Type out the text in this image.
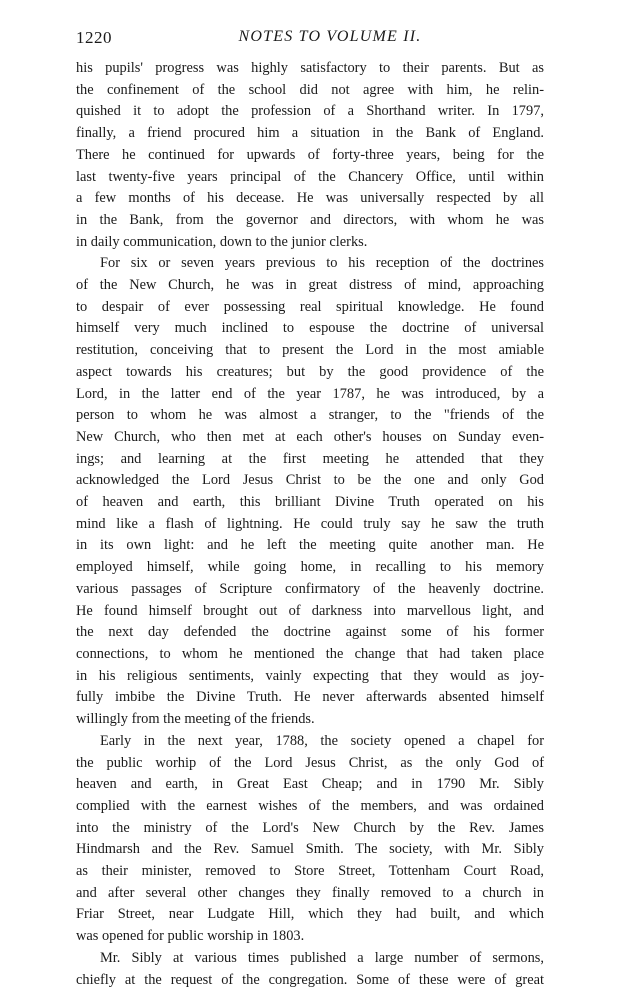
1220	NOTES TO VOLUME II.
his pupils' progress was highly satisfactory to their parents. But as
the confinement of the school did not agree with him, he relin-
quished it to adopt the profession of a Shorthand writer. In 1797,
finally, a friend procured him a situation in the Bank of England.
There he continued for upwards of forty-three years, being for the
last twenty-five years principal of the Chancery Office, until within
a few months of his decease. He was universally respected by all
in the Bank, from the governor and directors, with whom he was
in daily communication, down to the junior clerks.
For six or seven years previous to his reception of the doctrines
of the New Church, he was in great distress of mind, approaching
to despair of ever possessing real spiritual knowledge. He found
himself very much inclined to espouse the doctrine of universal
restitution, conceiving that to present the Lord in the most amiable
aspect towards his creatures; but by the good providence of the
Lord, in the latter end of the year 1787, he was introduced, by a
person to whom he was almost a stranger, to the "friends of the
New Church, who then met at each other's houses on Sunday even-
ings; and learning at the first meeting he attended that they
acknowledged the Lord Jesus Christ to be the one and only God
of heaven and earth, this brilliant Divine Truth operated on his
mind like a flash of lightning. He could truly say he saw the truth
in its own light: and he left the meeting quite another man. He
employed himself, while going home, in recalling to his memory
various passages of Scripture confirmatory of the heavenly doctrine.
He found himself brought out of darkness into marvellous light, and
the next day defended the doctrine against some of his former
connections, to whom he mentioned the change that had taken place
in his religious sentiments, vainly expecting that they would as joy-
fully imbibe the Divine Truth. He never afterwards absented himself
willingly from the meeting of the friends.
Early in the next year, 1788, the society opened a chapel for
the public worhip of the Lord Jesus Christ, as the only God of
heaven and earth, in Great East Cheap; and in 1790 Mr. Sibly
complied with the earnest wishes of the members, and was ordained
into the ministry of the Lord's New Church by the Rev. James
Hindmarsh and the Rev. Samuel Smith. The society, with Mr. Sibly
as their minister, removed to Store Street, Tottenham Court Road,
and after several other changes they finally removed to a church in
Friar Street, near Ludgate Hill, which they had built, and which
was opened for public worship in 1803.
Mr. Sibly at various times published a large number of sermons,
chiefly at the request of the congregation. Some of these were of great
